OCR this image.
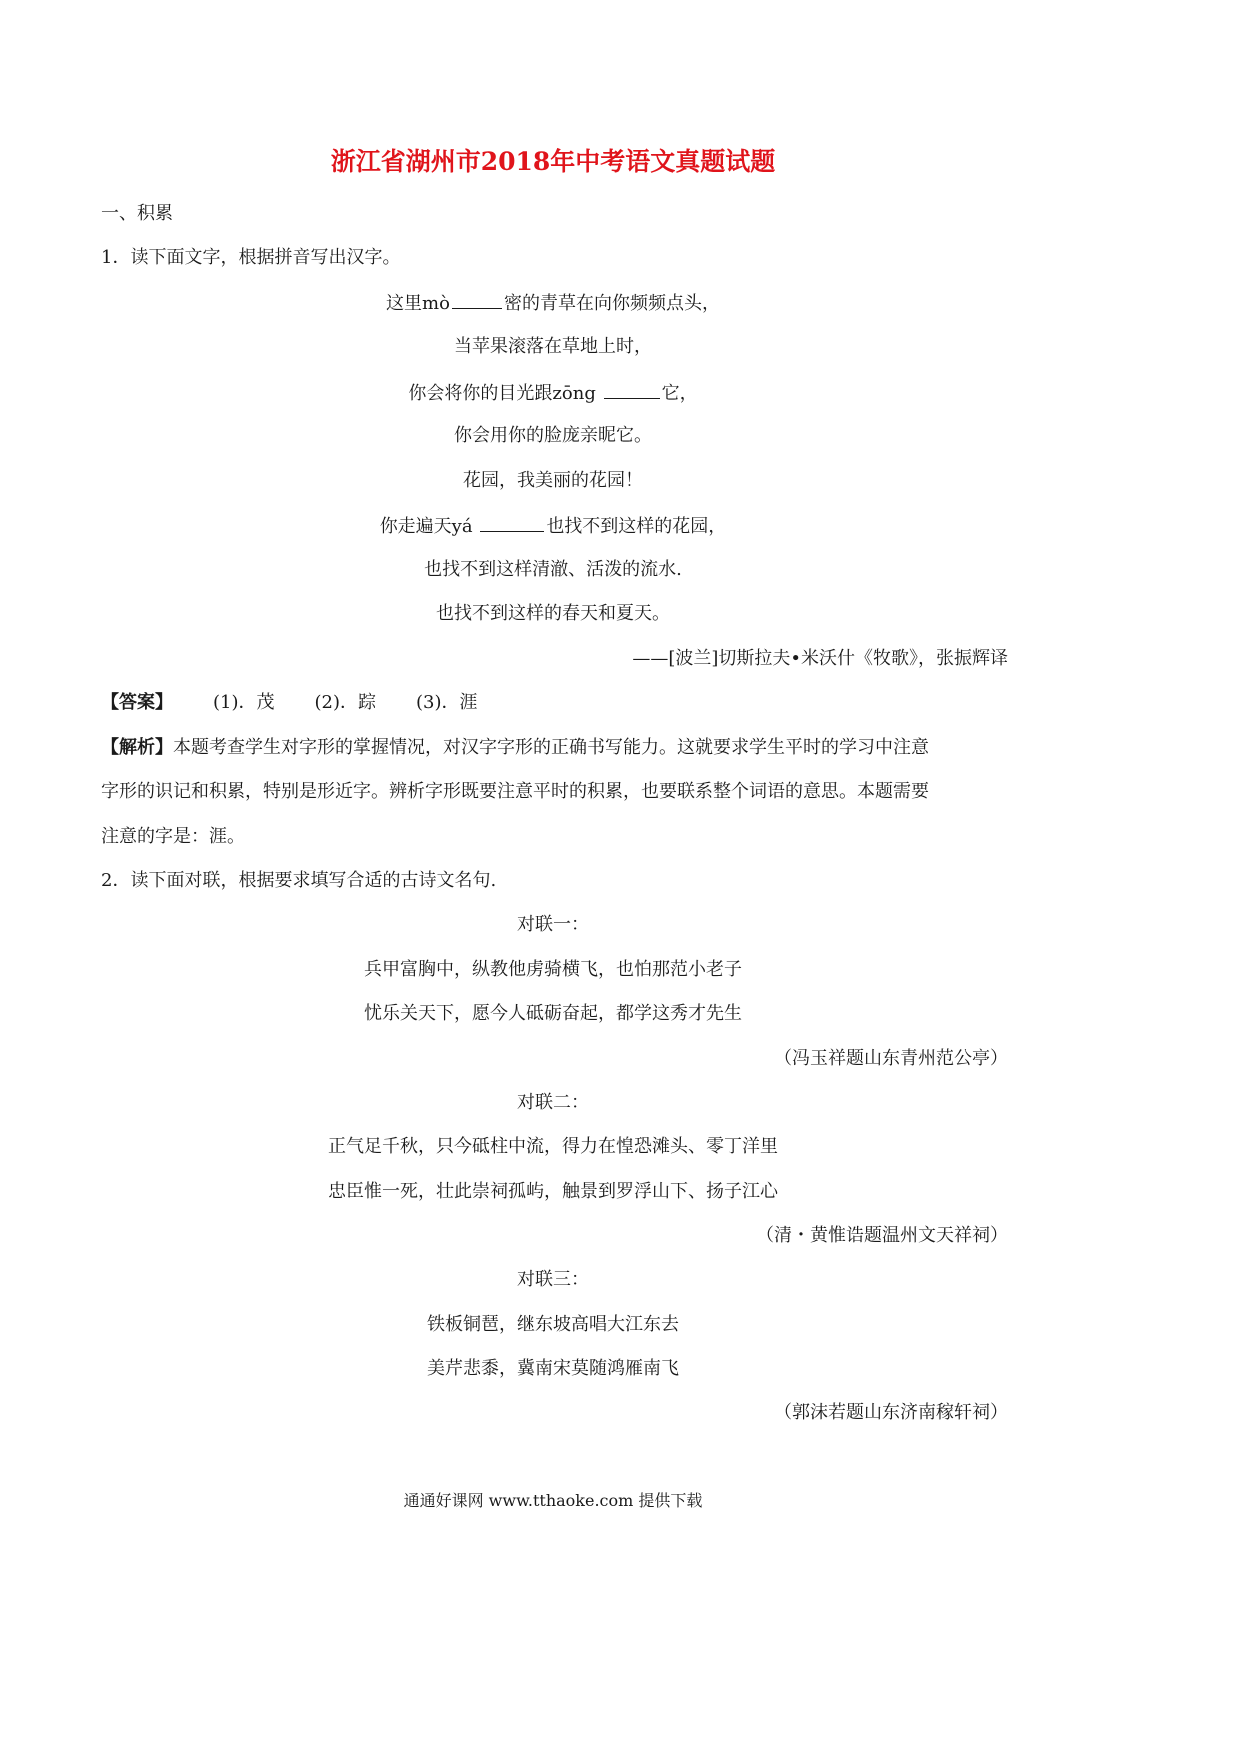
浙江省湖州市2018年中考语文真题试题
一、积累
1．读下面文字，根据拼音写出汉字。
这里mò	密的青草在向你频频点头，
当苹果滚落在草地上时，
你会将你的目光跟zōng	它，
你会用你的脸庞亲昵它。
花园，我美丽的花园！
你走遍天yá	也找不到这样的花园，
也找不到这样清澈、活泼的流水.
也找不到这样的春天和夏天。
——[波兰]切斯拉夫•米沃什《牧歌》，张振辉译
【答案】 (1)．茂 (2)．踪 (3)．涯
【解析】本题考查学生对字形的掌握情况，对汉字字形的正确书写能力。这就要求学生平时的学习中注意
字形的识记和积累，特别是形近字。辨析字形既要注意平时的积累，也要联系整个词语的意思。本题需要
注意的字是：涯。
2．读下面对联，根据要求填写合适的古诗文名句.
对联一：
兵甲富胸中，纵教他虏骑横飞，也怕那范小老子
忧乐关天下，愿今人砥砺奋起，都学这秀才先生
（冯玉祥题山东青州范公亭）
对联二：
正气足千秋，只今砥柱中流，得力在惶恐滩头、零丁洋里
忠臣惟一死，壮此崇祠孤屿，触景到罗浮山下、扬子江心
（清・黄惟诰题温州文天祥祠）
对联三：
铁板铜琶，继东坡高唱大江东去
美芹悲黍，冀南宋莫随鸿雁南飞
（郭沫若题山东济南稼轩祠）
通通好课网 www.tthaoke.com 提供下载
